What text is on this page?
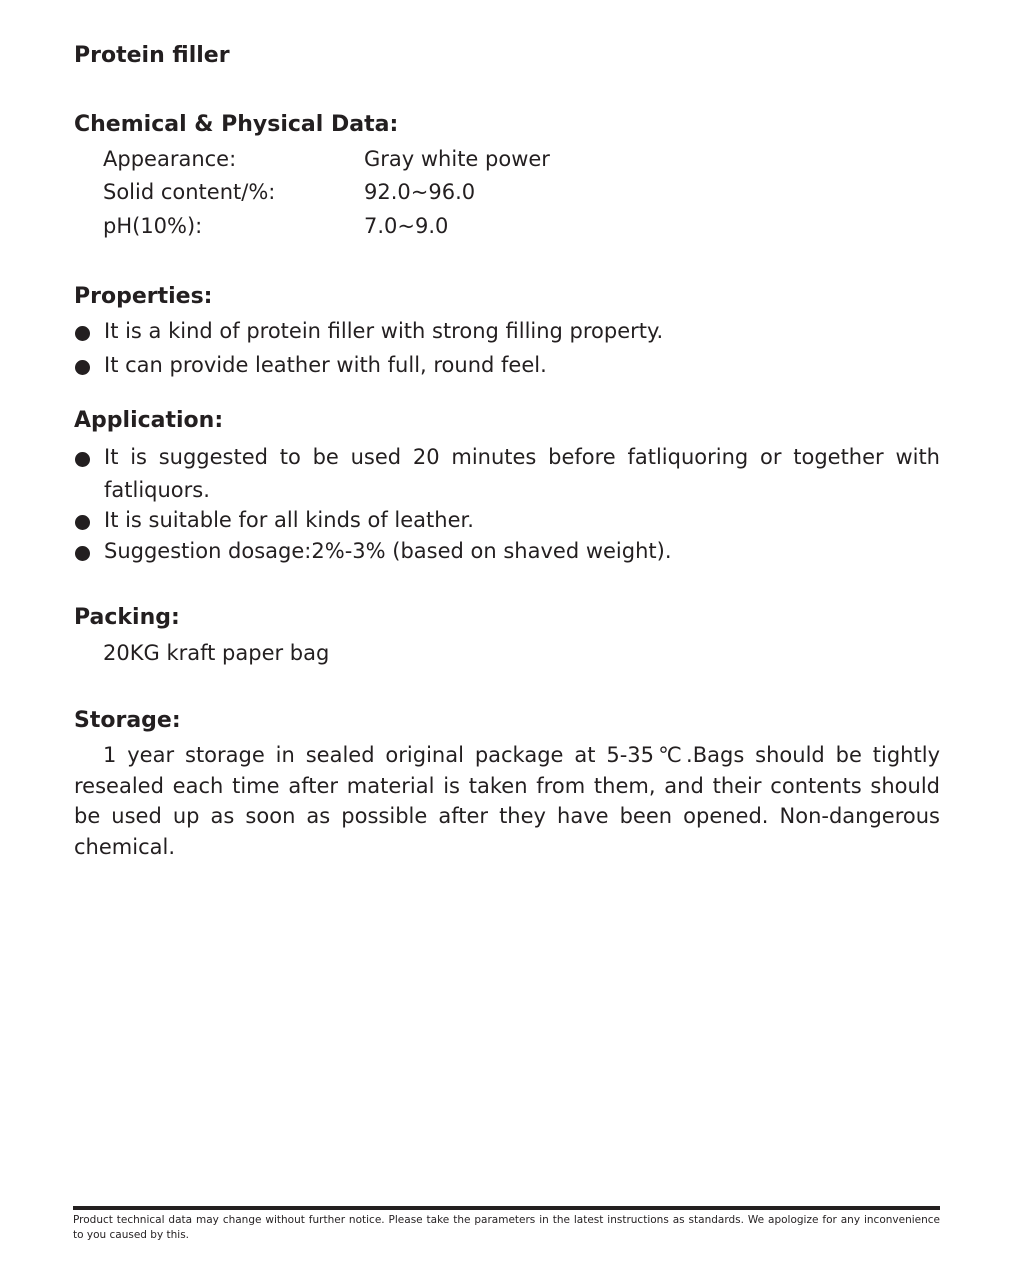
Protein filler
Chemical & Physical Data:
Appearance:	Gray white power
Solid content/%:	92.0~96.0
pH(10%):	7.0~9.0
Properties:
It is a kind of protein filler with strong filling property.
It can provide leather with full, round feel.
Application:
It is suggested to be used 20 minutes before fatliquoring or together with fatliquors.
It is suitable for all kinds of leather.
Suggestion dosage:2%-3% (based on shaved weight).
Packing:
20KG kraft paper bag
Storage:
1 year storage in sealed original package at 5-35℃.Bags should be tightly resealed each time after material is taken from them, and their contents should be used up as soon as possible after they have been opened. Non-dangerous chemical.
Product technical data may change without further notice. Please take the parameters in the latest instructions as standards. We apologize for any inconvenience to you caused by this.
